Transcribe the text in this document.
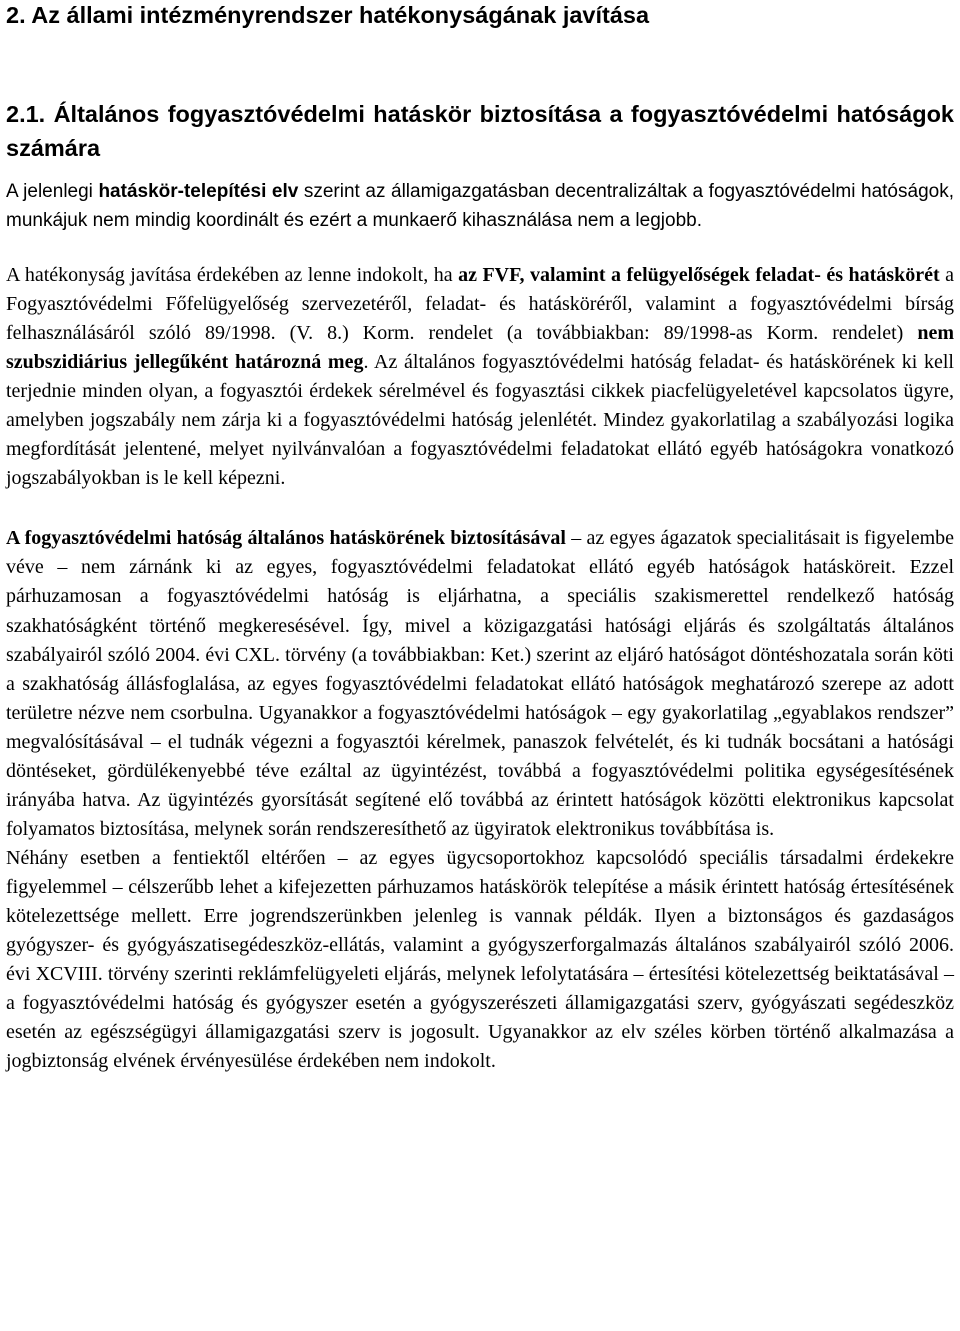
2. Az állami intézményrendszer hatékonyságának javítása
2.1. Általános fogyasztóvédelmi hatáskör biztosítása a fogyasztóvédelmi hatóságok számára

A jelenlegi hatáskör-telepítési elv szerint az államigazgatásban decentralizáltak a fogyasztóvédelmi hatóságok, munkájuk nem mindig koordinált és ezért a munkaerő kihasználása nem a legjobb.

A hatékonyság javítása érdekében az lenne indokolt, ha az FVF, valamint a felügyelőségek feladat- és hatáskörét a Fogyasztóvédelmi Főfelügyelőség szervezetéről, feladat- és hatásköréről, valamint a fogyasztóvédelmi bírság felhasználásáról szóló 89/1998. (V. 8.) Korm. rendelet (a továbbiakban: 89/1998-as Korm. rendelet) nem szubszidiárius jellegűként határozná meg. Az általános fogyasztóvédelmi hatóság feladat- és hatáskörének ki kell terjednie minden olyan, a fogyasztói érdekek sérelmével és fogyasztási cikkek piacfelügyeletével kapcsolatos ügyre, amelyben jogszabály nem zárja ki a fogyasztóvédelmi hatóság jelenlétét. Mindez gyakorlatilag a szabályozási logika megfordítását jelentené, melyet nyilvánvalóan a fogyasztóvédelmi feladatokat ellátó egyéb hatóságokra vonatkozó jogszabályokban is le kell képezni.

A fogyasztóvédelmi hatóság általános hatáskörének biztosításával – az egyes ágazatok specialitásait is figyelembe véve – nem zárnánk ki az egyes, fogyasztóvédelmi feladatokat ellátó egyéb hatóságok hatásköreit. Ezzel párhuzamosan a fogyasztóvédelmi hatóság is eljárhatna, a speciális szakismerettel rendelkező hatóság szakhatóságként történő megkeresésével. Így, mivel a közigazgatási hatósági eljárás és szolgáltatás általános szabályairól szóló 2004. évi CXL. törvény (a továbbiakban: Ket.) szerint az eljáró hatóságot döntéshozatala során köti a szakhatóság állásfoglalása, az egyes fogyasztóvédelmi feladatokat ellátó hatóságok meghatározó szerepe az adott területre nézve nem csorbulna. Ugyanakkor a fogyasztóvédelmi hatóságok – egy gyakorlatilag „egyablakos rendszer” megvalósításával – el tudnák végezni a fogyasztói kérelmek, panaszok felvételét, és ki tudnák bocsátani a hatósági döntéseket, gördülékenyebbé téve ezáltal az ügyintézést, továbbá a fogyasztóvédelmi politika egységesítésének irányába hatva. Az ügyintézés gyorsítását segítené elő továbbá az érintett hatóságok közötti elektronikus kapcsolat folyamatos biztosítása, melynek során rendszeresíthető az ügyiratok elektronikus továbbítása is.

Néhány esetben a fentiektől eltérően – az egyes ügycsoportokhoz kapcsolódó speciális társadalmi érdekekre figyelemmel – célszerűbb lehet a kifejezetten párhuzamos hatáskörök telepítése a másik érintett hatóság értesítésének kötelezettsége mellett. Erre jogrendszerünkben jelenleg is vannak példák. Ilyen a biztonságos és gazdaságos gyógyszer- és gyógyászatisegédeszköz-ellátás, valamint a gyógyszerforgalmazás általános szabályairól szóló 2006. évi XCVIII. törvény szerinti reklámfelügyeleti eljárás, melynek lefolytatására – értesítési kötelezettség beiktatásával – a fogyasztóvédelmi hatóság és gyógyszer esetén a gyógyszerészeti államigazgatási szerv, gyógyászati segédeszköz esetén az egészségügyi államigazgatási szerv is jogosult. Ugyanakkor az elv széles körben történő alkalmazása a jogbiztonság elvének érvényesülése érdekében nem indokolt.
